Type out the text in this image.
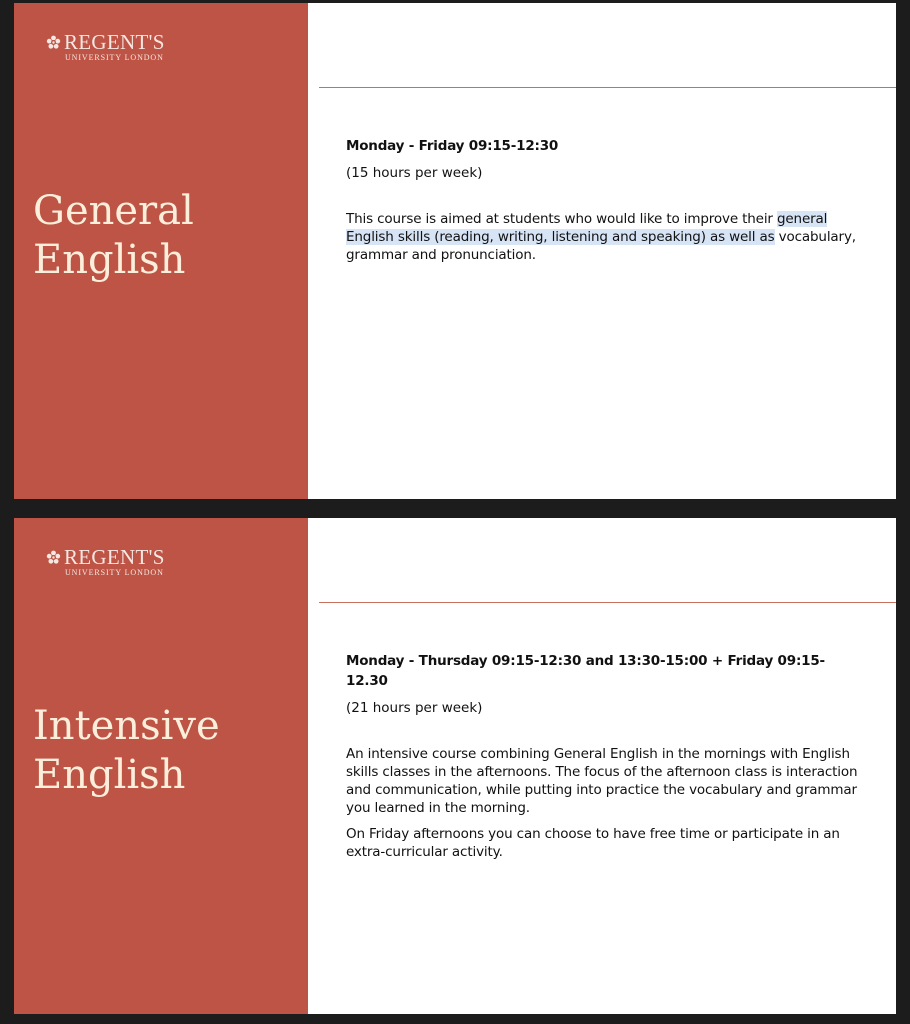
REGENT'S
UNIVERSITY LONDON
General
English

Monday - Friday 09:15-12:30

(15 hours per week)

This course is aimed at students who would like to improve their general English skills (reading, writing, listening and speaking) as well as vocabulary, grammar and pronunciation.

REGENT'S
UNIVERSITY LONDON
Intensive
English

Monday - Thursday 09:15-12:30 and 13:30-15:00 + Friday 09:15-12.30

(21 hours per week)

An intensive course combining General English in the mornings with English skills classes in the afternoons. The focus of the afternoon class is interaction and communication, while putting into practice the vocabulary and grammar you learned in the morning.

On Friday afternoons you can choose to have free time or participate in an extra-curricular activity.
